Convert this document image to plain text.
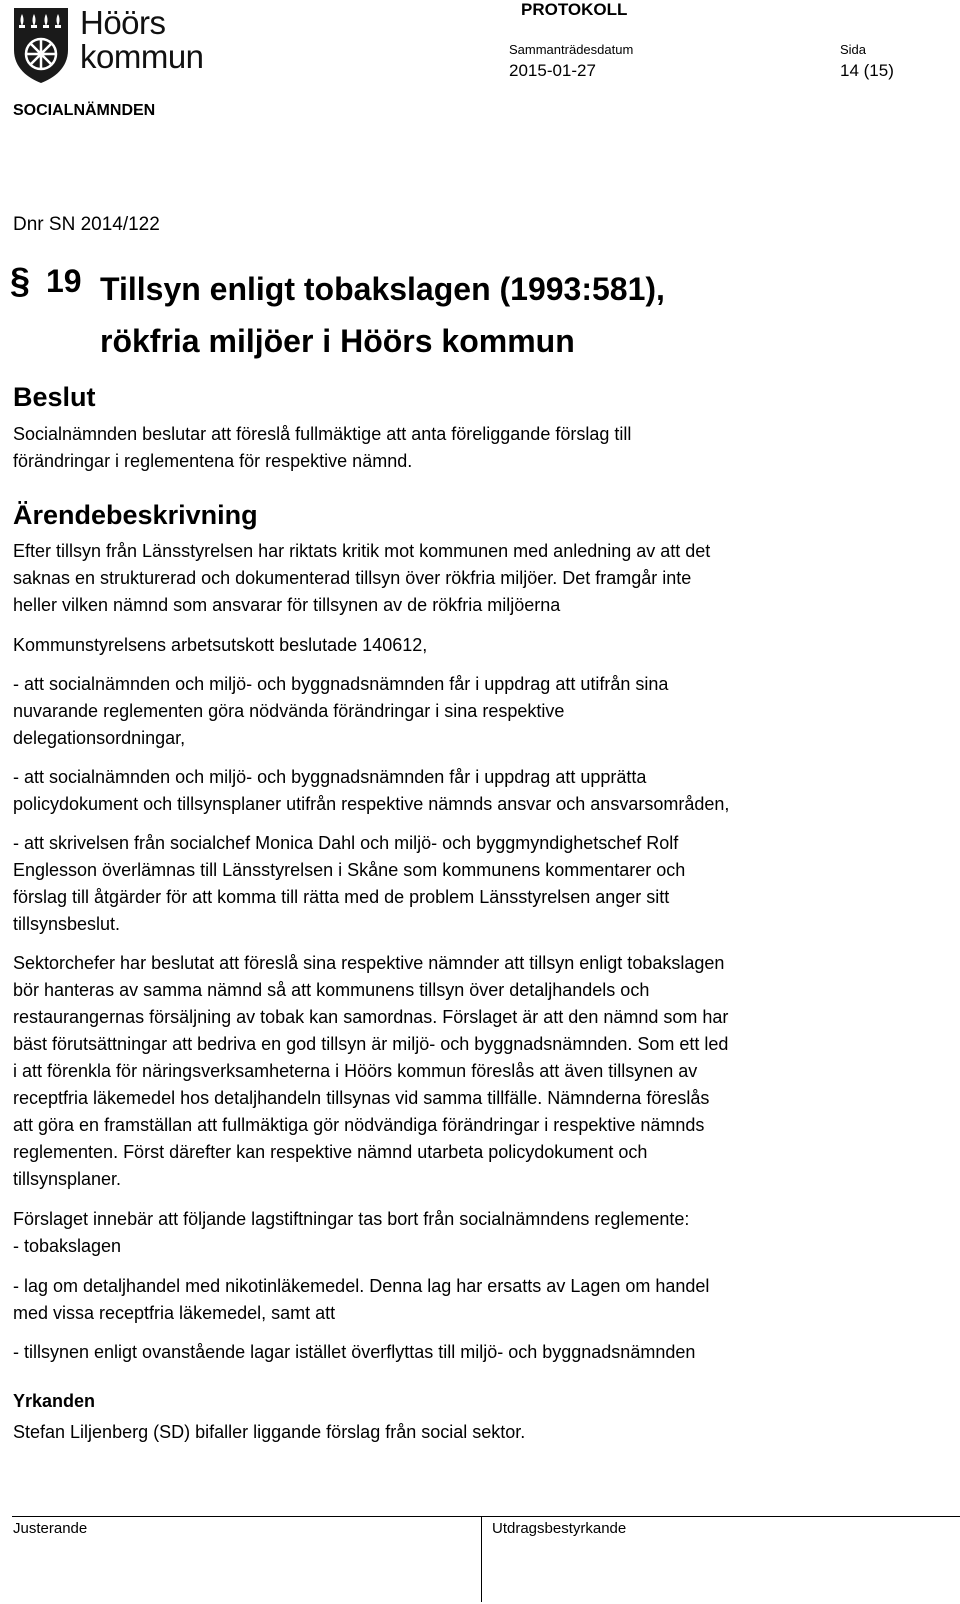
Höörs
kommun
PROTOKOLL
Sammanträdesdatum
2015-01-27
Sida
14 (15)
SOCIALNÄMNDEN
Dnr SN 2014/122
§ 19 Tillsyn enligt tobakslagen (1993:581),
rökfria miljöer i Höörs kommun
Beslut
Socialnämnden beslutar att föreslå fullmäktige att anta föreliggande förslag till
förändringar i reglementena för respektive nämnd.
Ärendebeskrivning
Efter tillsyn från Länsstyrelsen har riktats kritik mot kommunen med anledning av att det
saknas en strukturerad och dokumenterad tillsyn över rökfria miljöer. Det framgår inte
heller vilken nämnd som ansvarar för tillsynen av de rökfria miljöerna
Kommunstyrelsens arbetsutskott beslutade 140612,
- att socialnämnden och miljö- och byggnadsnämnden får i uppdrag att utifrån sina
nuvarande reglementen göra nödvända förändringar i sina respektive
delegationsordningar,
- att socialnämnden och miljö- och byggnadsnämnden får i uppdrag att upprätta
policydokument och tillsynsplaner utifrån respektive nämnds ansvar och ansvarsområden,
- att skrivelsen från socialchef Monica Dahl och miljö- och byggmyndighetschef Rolf
Englesson överlämnas till Länsstyrelsen i Skåne som kommunens kommentarer och
förslag till åtgärder för att komma till rätta med de problem Länsstyrelsen anger sitt
tillsynsbeslut.
Sektorchefer har beslutat att föreslå sina respektive nämnder att tillsyn enligt tobakslagen
bör hanteras av samma nämnd så att kommunens tillsyn över detaljhandels och
restaurangernas försäljning av tobak kan samordnas. Förslaget är att den nämnd som har
bäst förutsättningar att bedriva en god tillsyn är miljö- och byggnadsnämnden. Som ett led
i att förenkla för näringsverksamheterna i Höörs kommun föreslås att även tillsynen av
receptfria läkemedel hos detaljhandeln tillsynas vid samma tillfälle. Nämnderna föreslås
att göra en framställan att fullmäktiga gör nödvändiga förändringar i respektive nämnds
reglementen. Först därefter kan respektive nämnd utarbeta policydokument och
tillsynsplaner.
Förslaget innebär att följande lagstiftningar tas bort från socialnämndens reglemente:
- tobakslagen
- lag om detaljhandel med nikotinläkemedel. Denna lag har ersatts av Lagen om handel
med vissa receptfria läkemedel, samt att
- tillsynen enligt ovanstående lagar istället överflyttas till miljö- och byggnadsnämnden
Yrkanden
Stefan Liljenberg (SD) bifaller liggande förslag från social sektor.
Justerande	Utdragsbestyrkande
